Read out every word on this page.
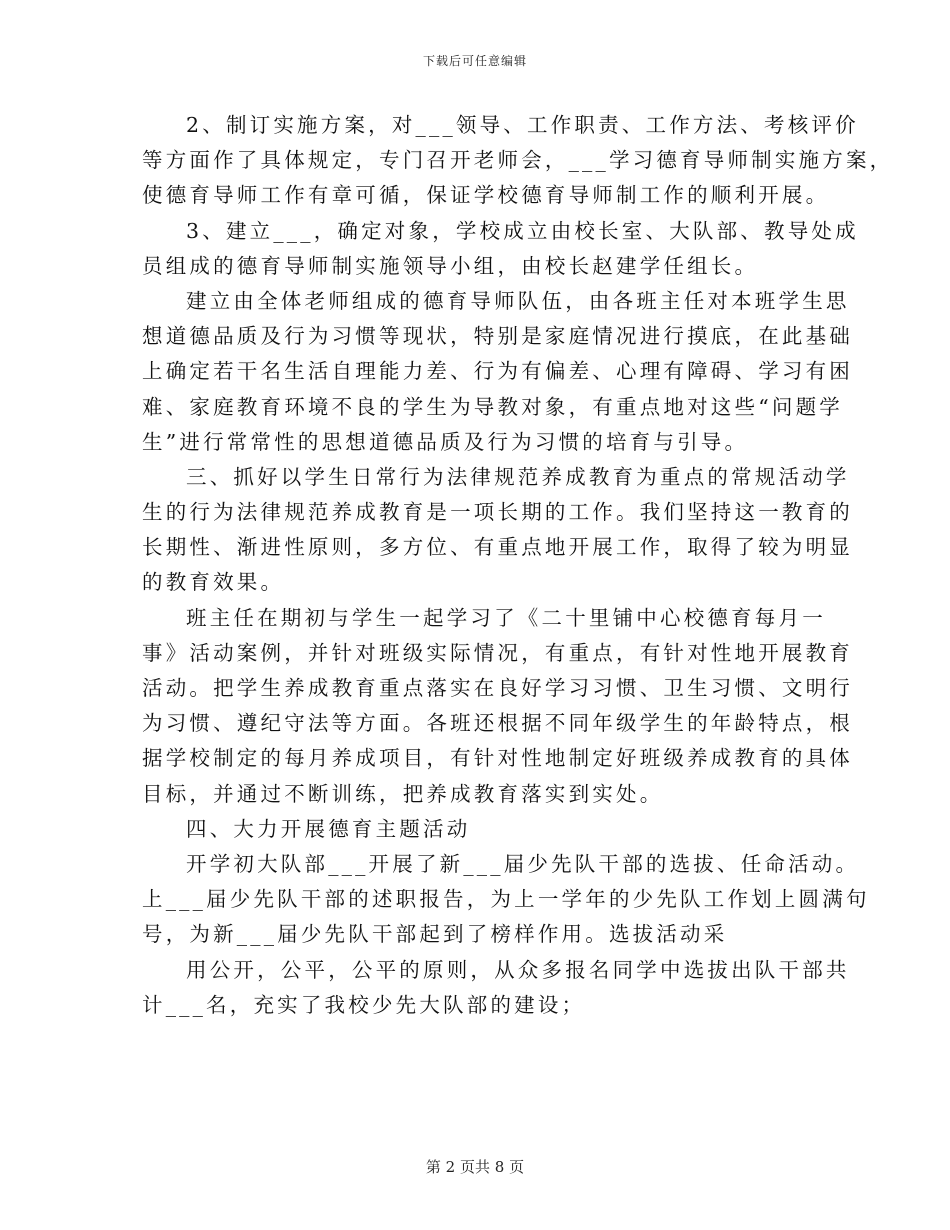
下载后可任意编辑
2、制订实施方案，对___领导、工作职责、工作方法、考核评价
等方面作了具体规定，专门召开老师会，___学习德育导师制实施方案，
使德育导师工作有章可循，保证学校德育导师制工作的顺利开展。
3、建立___，确定对象，学校成立由校长室、大队部、教导处成
员组成的德育导师制实施领导小组，由校长赵建学任组长。
建立由全体老师组成的德育导师队伍，由各班主任对本班学生思
想道德品质及行为习惯等现状，特别是家庭情况进行摸底，在此基础
上确定若干名生活自理能力差、行为有偏差、心理有障碍、学习有困
难、家庭教育环境不良的学生为导教对象，有重点地对这些“问题学
生”进行常常性的思想道德品质及行为习惯的培育与引导。
三、抓好以学生日常行为法律规范养成教育为重点的常规活动学
生的行为法律规范养成教育是一项长期的工作。我们坚持这一教育的
长期性、渐进性原则，多方位、有重点地开展工作，取得了较为明显
的教育效果。
班主任在期初与学生一起学习了《二十里铺中心校德育每月一
事》活动案例，并针对班级实际情况，有重点，有针对性地开展教育
活动。把学生养成教育重点落实在良好学习习惯、卫生习惯、文明行
为习惯、遵纪守法等方面。各班还根据不同年级学生的年龄特点，根
据学校制定的每月养成项目，有针对性地制定好班级养成教育的具体
目标，并通过不断训练，把养成教育落实到实处。
四、大力开展德育主题活动
开学初大队部___开展了新___届少先队干部的选拔、任命活动。
上___届少先队干部的述职报告，为上一学年的少先队工作划上圆满句
号，为新___届少先队干部起到了榜样作用。选拔活动采
用公开，公平，公平的原则，从众多报名同学中选拔出队干部共
计___名，充实了我校少先大队部的建设；
第 2 页共 8 页
